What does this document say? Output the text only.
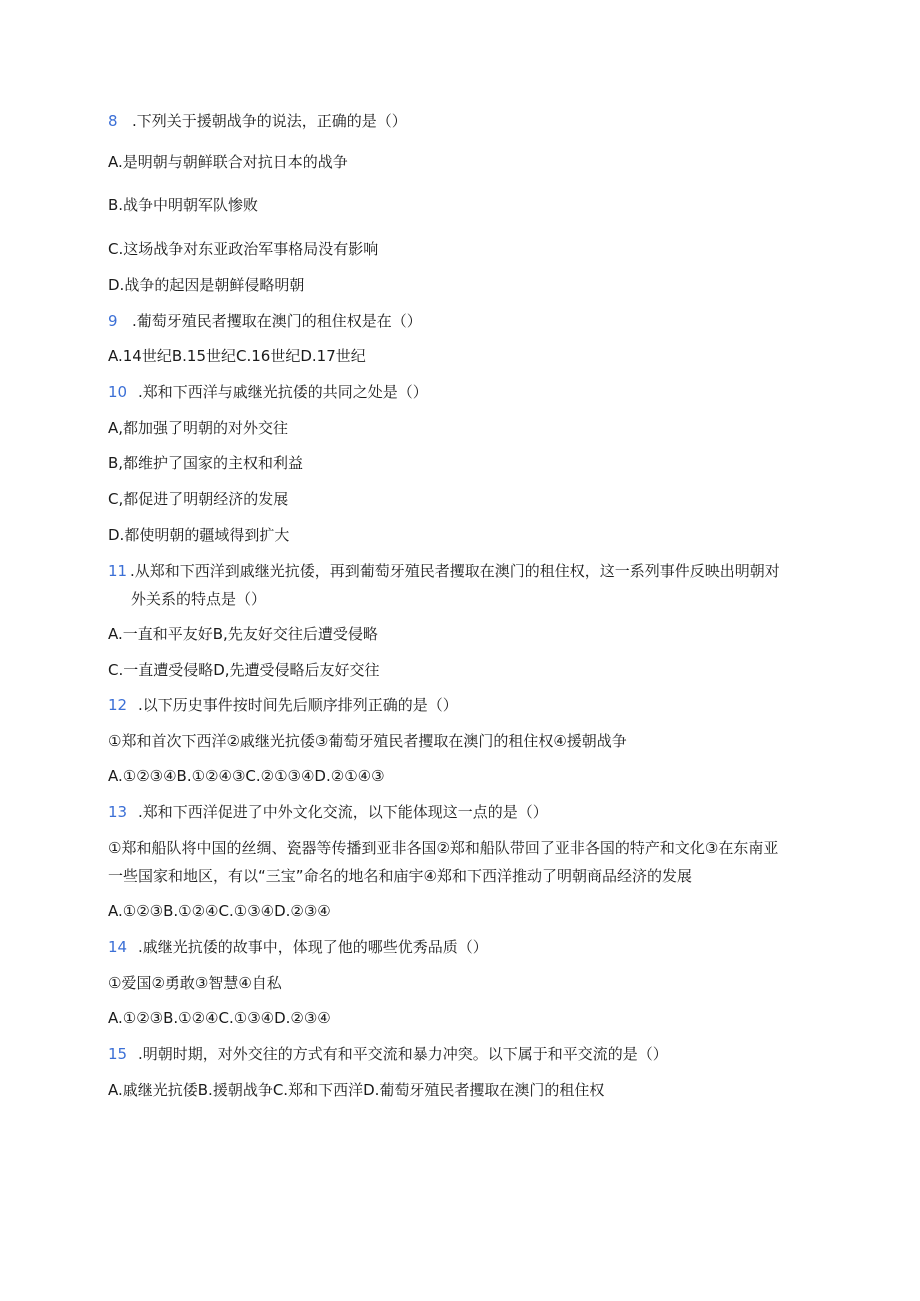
8 .下列关于援朝战争的说法，正确的是（）
A.是明朝与朝鲜联合对抗日本的战争
B.战争中明朝军队惨败
C.这场战争对东亚政治军事格局没有影响
D.战争的起因是朝鲜侵略明朝
9 .葡萄牙殖民者攫取在澳门的租住权是在（）
A.14世纪B.15世纪C.16世纪D.17世纪
10 .郑和下西洋与戚继光抗倭的共同之处是（）
A,都加强了明朝的对外交往
B,都维护了国家的主权和利益
C,都促进了明朝经济的发展
D.都使明朝的疆域得到扩大
11 .从郑和下西洋到戚继光抗倭，再到葡萄牙殖民者攫取在澳门的租住权，这一系列事件反映出明朝对
外关系的特点是（）
A.一直和平友好B,先友好交往后遭受侵略
C.一直遭受侵略D,先遭受侵略后友好交往
12 .以下历史事件按时间先后顺序排列正确的是（）
①郑和首次下西洋②戚继光抗倭③葡萄牙殖民者攫取在澳门的租住权④援朝战争
A.①②③④B.①②④③C.②①③④D.②①④③
13 .郑和下西洋促进了中外文化交流，以下能体现这一点的是（）
①郑和船队将中国的丝绸、瓷器等传播到亚非各国②郑和船队带回了亚非各国的特产和文化③在东南亚
一些国家和地区，有以“三宝”命名的地名和庙宇④郑和下西洋推动了明朝商品经济的发展
A.①②③B.①②④C.①③④D.②③④
14 .戚继光抗倭的故事中，体现了他的哪些优秀品质（）
①爱国②勇敢③智慧④自私
A.①②③B.①②④C.①③④D.②③④
15 .明朝时期，对外交往的方式有和平交流和暴力冲突。以下属于和平交流的是（）
A.戚继光抗倭B.援朝战争C.郑和下西洋D.葡萄牙殖民者攫取在澳门的租住权
